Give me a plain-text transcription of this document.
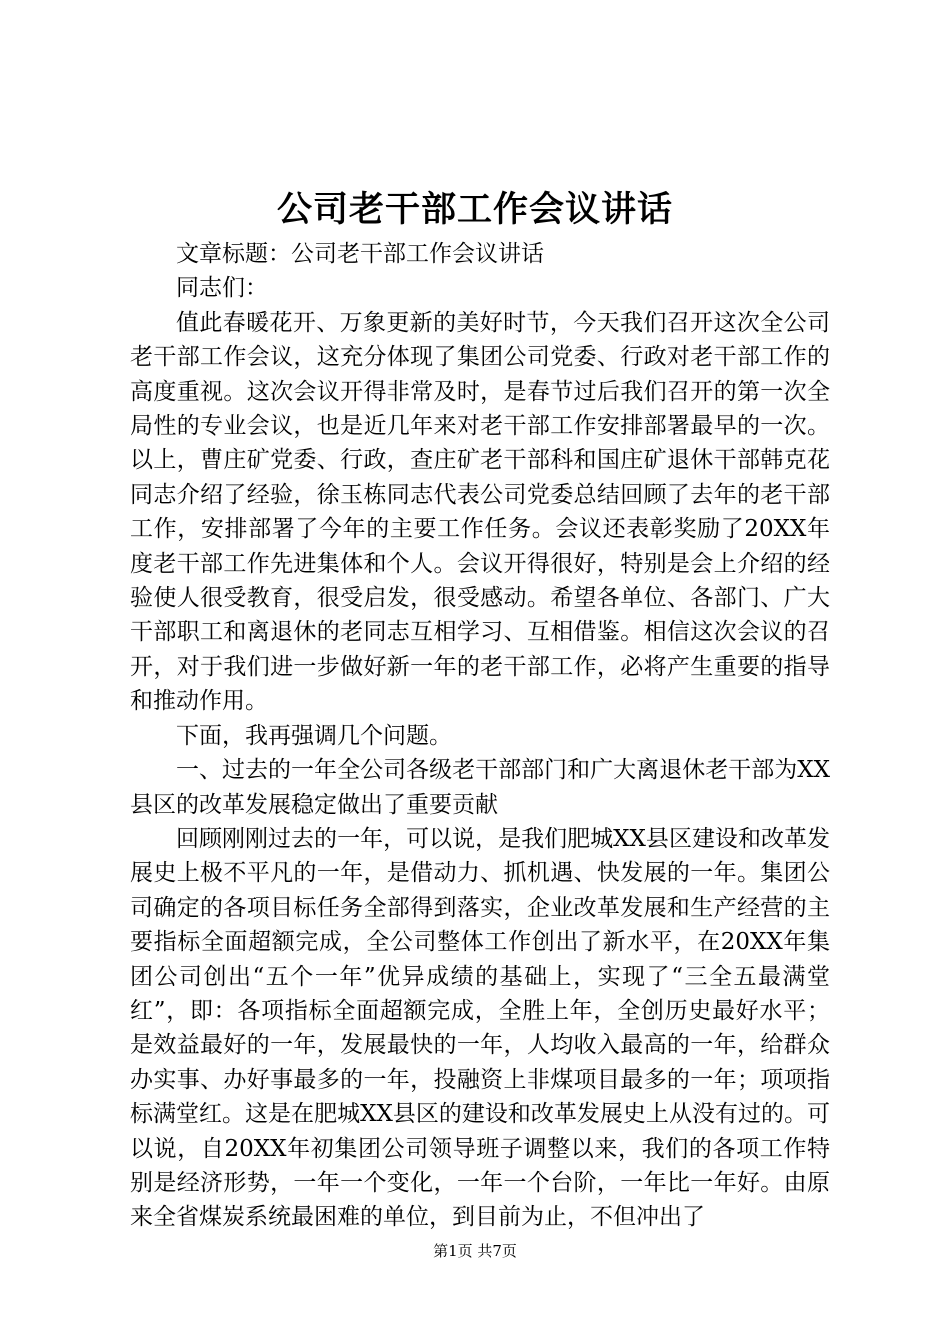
公司老干部工作会议讲话

文章标题：公司老干部工作会议讲话

同志们：

值此春暖花开、万象更新的美好时节，今天我们召开这次全公司老干部工作会议，这充分体现了集团公司党委、行政对老干部工作的高度重视。这次会议开得非常及时，是春节过后我们召开的第一次全局性的专业会议，也是近几年来对老干部工作安排部署最早的一次。以上，曹庄矿党委、行政，查庄矿老干部科和国庄矿退休干部韩克花同志介绍了经验，徐玉栋同志代表公司党委总结回顾了去年的老干部工作，安排部署了今年的主要工作任务。会议还表彰奖励了20XX年度老干部工作先进集体和个人。会议开得很好，特别是会上介绍的经验使人很受教育，很受启发，很受感动。希望各单位、各部门、广大干部职工和离退休的老同志互相学习、互相借鉴。相信这次会议的召开，对于我们进一步做好新一年的老干部工作，必将产生重要的指导和推动作用。

下面，我再强调几个问题。

一、过去的一年全公司各级老干部部门和广大离退休老干部为XX县区的改革发展稳定做出了重要贡献

回顾刚刚过去的一年，可以说，是我们肥城XX县区建设和改革发展史上极不平凡的一年，是借动力、抓机遇、快发展的一年。集团公司确定的各项目标任务全部得到落实，企业改革发展和生产经营的主要指标全面超额完成，全公司整体工作创出了新水平，在20XX年集团公司创出“五个一年”优异成绩的基础上，实现了“三全五最满堂红”，即：各项指标全面超额完成，全胜上年，全创历史最好水平；是效益最好的一年，发展最快的一年，人均收入最高的一年，给群众办实事、办好事最多的一年，投融资上非煤项目最多的一年；项项指标满堂红。这是在肥城XX县区的建设和改革发展史上从没有过的。可以说，自20XX年初集团公司领导班子调整以来，我们的各项工作特别是经济形势，一年一个变化，一年一个台阶，一年比一年好。由原来全省煤炭系统最困难的单位，到目前为止，不但冲出了

第1页 共7页
